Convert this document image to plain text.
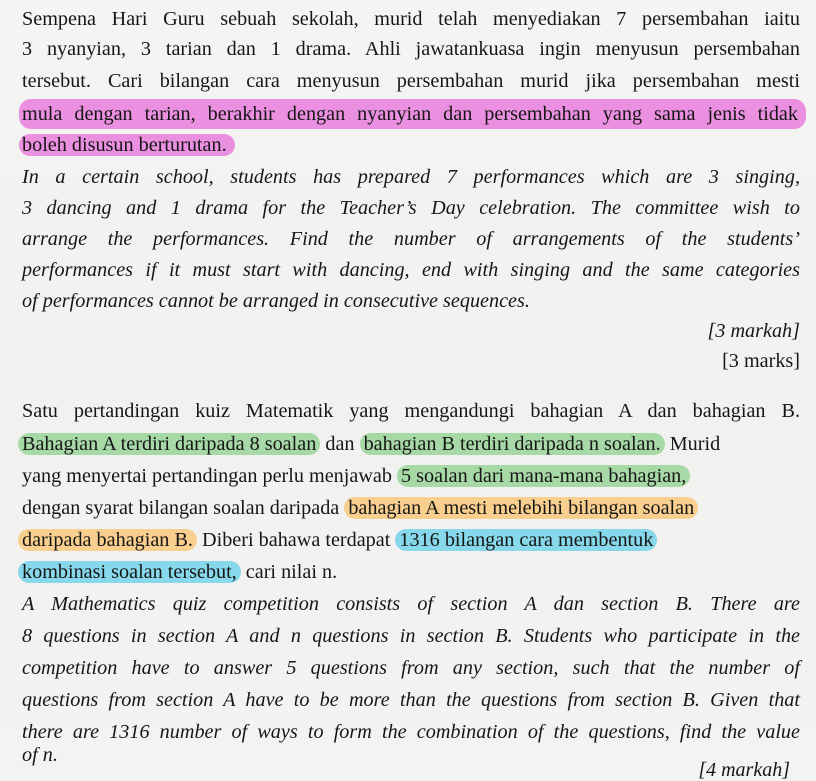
Sempena Hari Guru sebuah sekolah, murid telah menyediakan 7 persembahan iaitu
3 nyanyian, 3 tarian dan 1 drama. Ahli jawatankuasa ingin menyusun persembahan
tersebut. Cari bilangan cara menyusun persembahan murid jika persembahan mesti
mula dengan tarian, berakhir dengan nyanyian dan persembahan yang sama jenis tidak
boleh disusun berturutan.
In a certain school, students has prepared 7 performances which are 3 singing,
3 dancing and 1 drama for the Teacher’s Day celebration. The committee wish to
arrange the performances. Find the number of arrangements of the students’
performances if it must start with dancing, end with singing and the same categories
of performances cannot be arranged in consecutive sequences.
[3 markah]
[3 marks]

Satu pertandingan kuiz Matematik yang mengandungi bahagian A dan bahagian B.
Bahagian A terdiri daripada 8 soalan dan bahagian B terdiri daripada n soalan. Murid
yang menyertai pertandingan perlu menjawab 5 soalan dari mana-mana bahagian,
dengan syarat bilangan soalan daripada bahagian A mesti melebihi bilangan soalan
daripada bahagian B. Diberi bahawa terdapat 1316 bilangan cara membentuk
kombinasi soalan tersebut, cari nilai n.
A Mathematics quiz competition consists of section A dan section B. There are
8 questions in section A and n questions in section B. Students who participate in the
competition have to answer 5 questions from any section, such that the number of
questions from section A have to be more than the questions from section B. Given that
there are 1316 number of ways to form the combination of the questions, find the value
of n.
[4 markah]
